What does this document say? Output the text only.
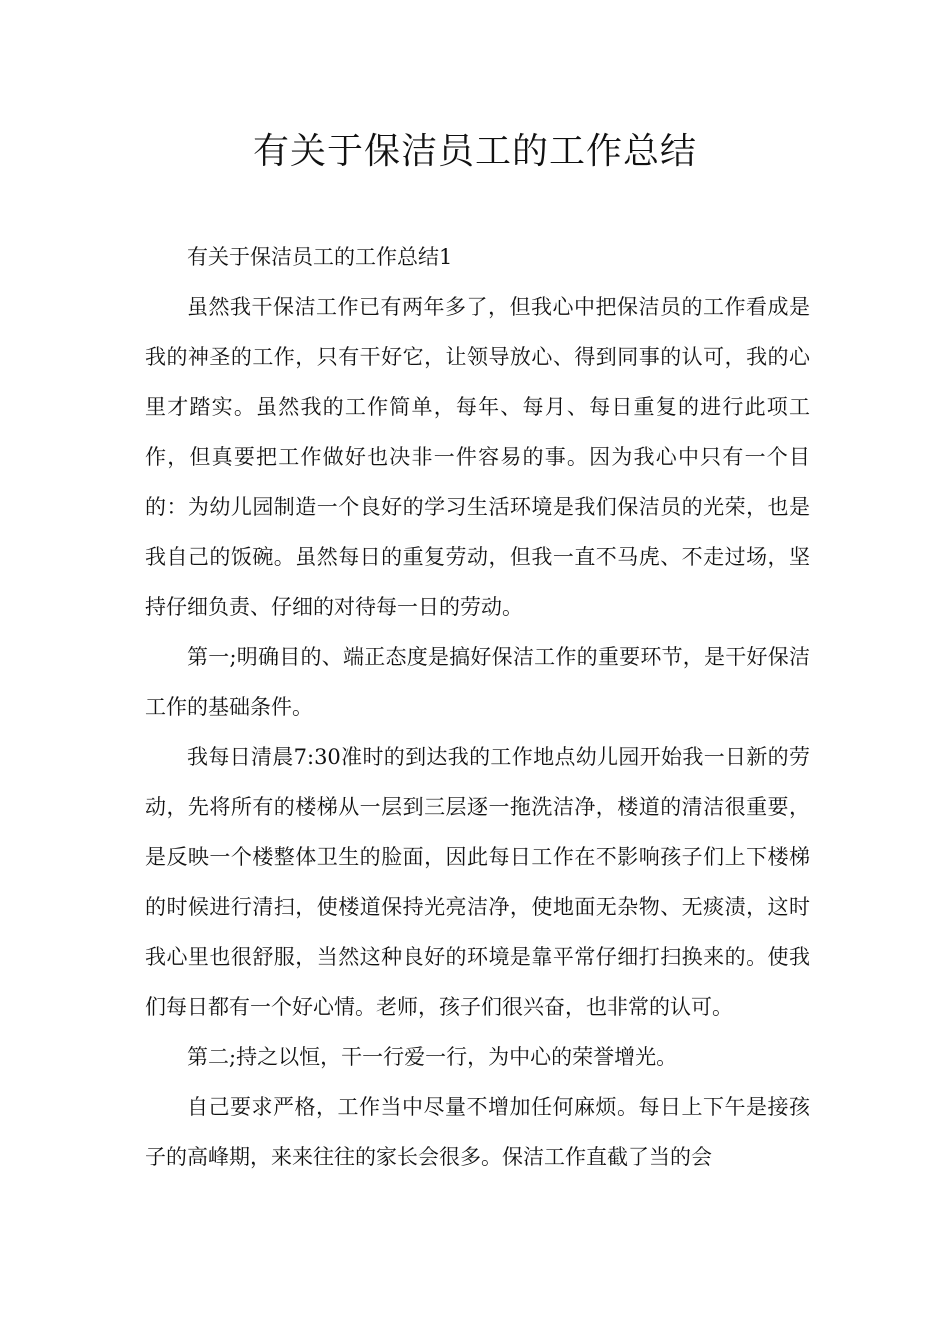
有关于保洁员工的工作总结

有关于保洁员工的工作总结1

虽然我干保洁工作已有两年多了，但我心中把保洁员的工作看成是我的神圣的工作，只有干好它，让领导放心、得到同事的认可，我的心里才踏实。虽然我的工作简单，每年、每月、每日重复的进行此项工作，但真要把工作做好也决非一件容易的事。因为我心中只有一个目的：为幼儿园制造一个良好的学习生活环境是我们保洁员的光荣，也是我自己的饭碗。虽然每日的重复劳动，但我一直不马虎、不走过场，坚持仔细负责、仔细的对待每一日的劳动。

第一;明确目的、端正态度是搞好保洁工作的重要环节，是干好保洁工作的基础条件。

我每日清晨7:30准时的到达我的工作地点幼儿园开始我一日新的劳动，先将所有的楼梯从一层到三层逐一拖洗洁净，楼道的清洁很重要，是反映一个楼整体卫生的脸面，因此每日工作在不影响孩子们上下楼梯的时候进行清扫，使楼道保持光亮洁净，使地面无杂物、无痰渍，这时我心里也很舒服，当然这种良好的环境是靠平常仔细打扫换来的。使我们每日都有一个好心情。老师，孩子们很兴奋，也非常的认可。

第二;持之以恒，干一行爱一行，为中心的荣誉增光。

自己要求严格，工作当中尽量不增加任何麻烦。每日上下午是接孩子的高峰期，来来往往的家长会很多。保洁工作直截了当的会
